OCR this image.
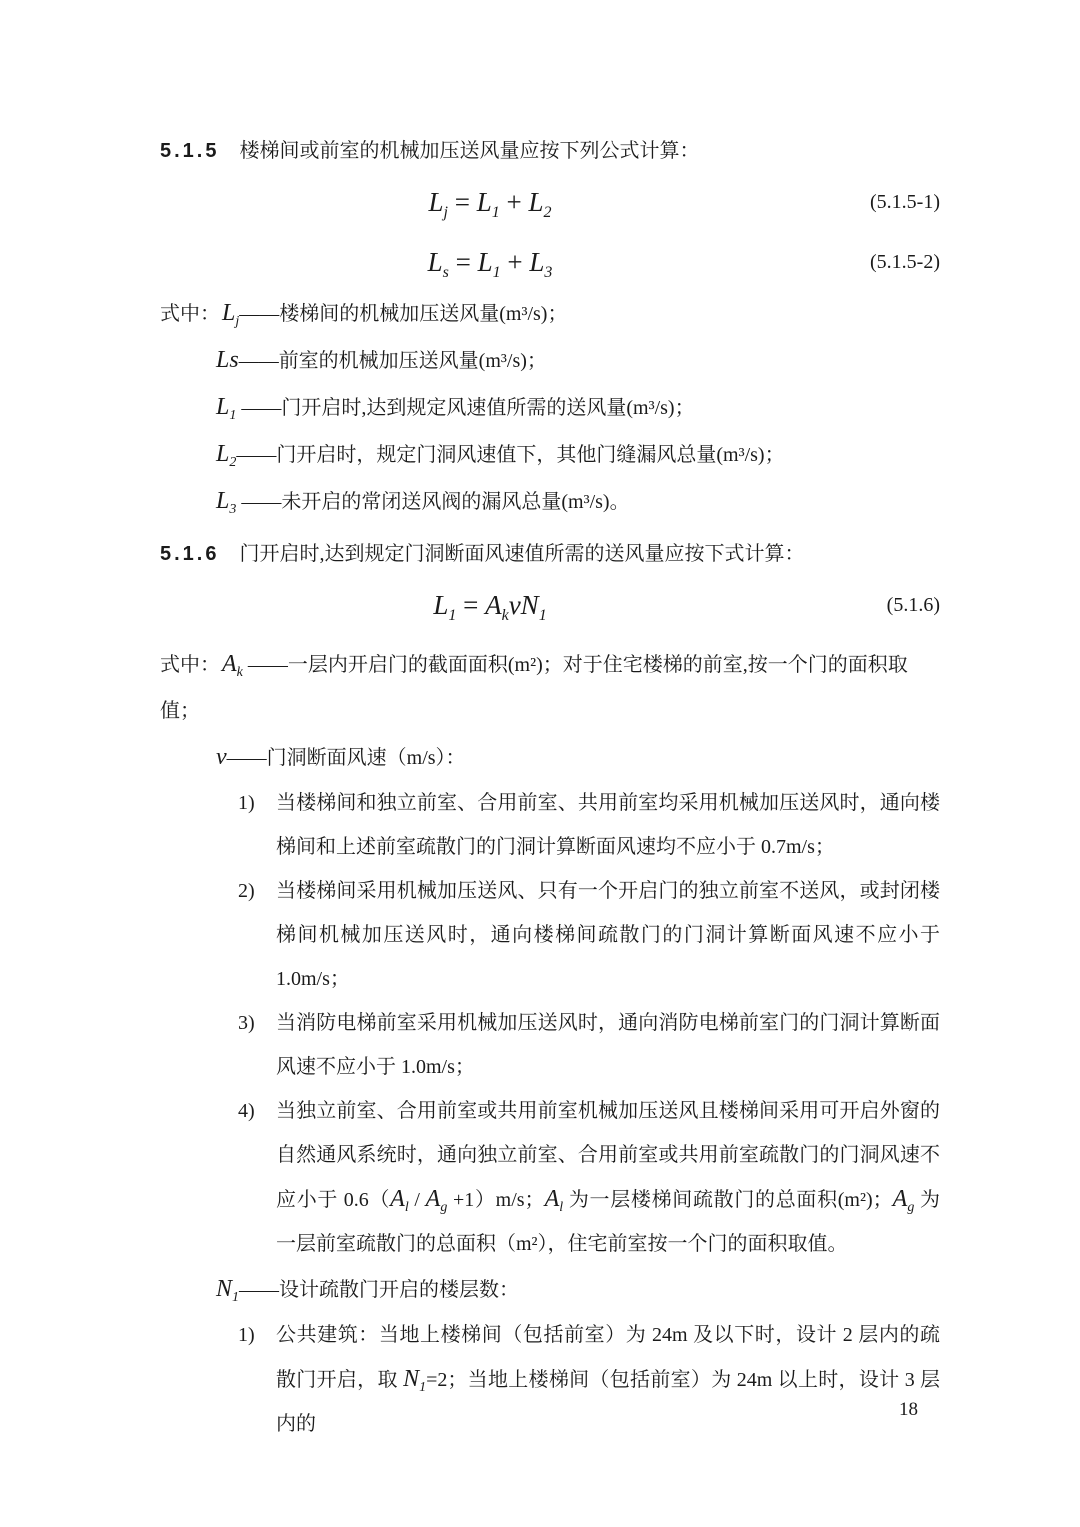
5.1.5 楼梯间或前室的机械加压送风量应按下列公式计算：
$L_j = L_1 + L_2$	(5.1.5-1)
$L_s = L_1 + L_3$	(5.1.5-2)
式中：$L_j——$楼梯间的机械加压送风量(m³/s)；
Ls——前室的机械加压送风量(m³/s)；
$L_1$ ——门开启时,达到规定风速值所需的送风量(m³/s)；
$L_2——$门开启时，规定门洞风速值下，其他门缝漏风总量(m³/s)；
$L_3$ ——未开启的常闭送风阀的漏风总量(m³/s)。
5.1.6 门开启时,达到规定门洞断面风速值所需的送风量应按下式计算：
$L_1 = A_kvN_1$	(5.1.6)
式中：$A_k$ ——一层内开启门的截面面积(m²)；对于住宅楼梯的前室,按一个门的面积取值；
v——门洞断面风速（m/s）：
1) 当楼梯间和独立前室、合用前室、共用前室均采用机械加压送风时，通向楼梯间和上述前室疏散门的门洞计算断面风速均不应小于 0.7m/s；
2) 当楼梯间采用机械加压送风、只有一个开启门的独立前室不送风，或封闭楼梯间机械加压送风时，通向楼梯间疏散门的门洞计算断面风速不应小于 1.0m/s；
3) 当消防电梯前室采用机械加压送风时，通向消防电梯前室门的门洞计算断面风速不应小于 1.0m/s；
4) 当独立前室、合用前室或共用前室机械加压送风且楼梯间采用可开启外窗的自然通风系统时，通向独立前室、合用前室或共用前室疏散门的门洞风速不应小于 $0.6(A_l / A_g +1)m/s$；$A_l$ 为一层楼梯间疏散门的总面积(m²)；$A_g$ 为一层前室疏散门的总面积（m²），住宅前室按一个门的面积取值。
$N_1——$设计疏散门开启的楼层数：
1) 公共建筑：当地上楼梯间（包括前室）为 24m 及以下时，设计 2 层内的疏散门开启，取 $N_1=2$；当地上楼梯间（包括前室）为 24m 以上时，设计 3 层内的
18
